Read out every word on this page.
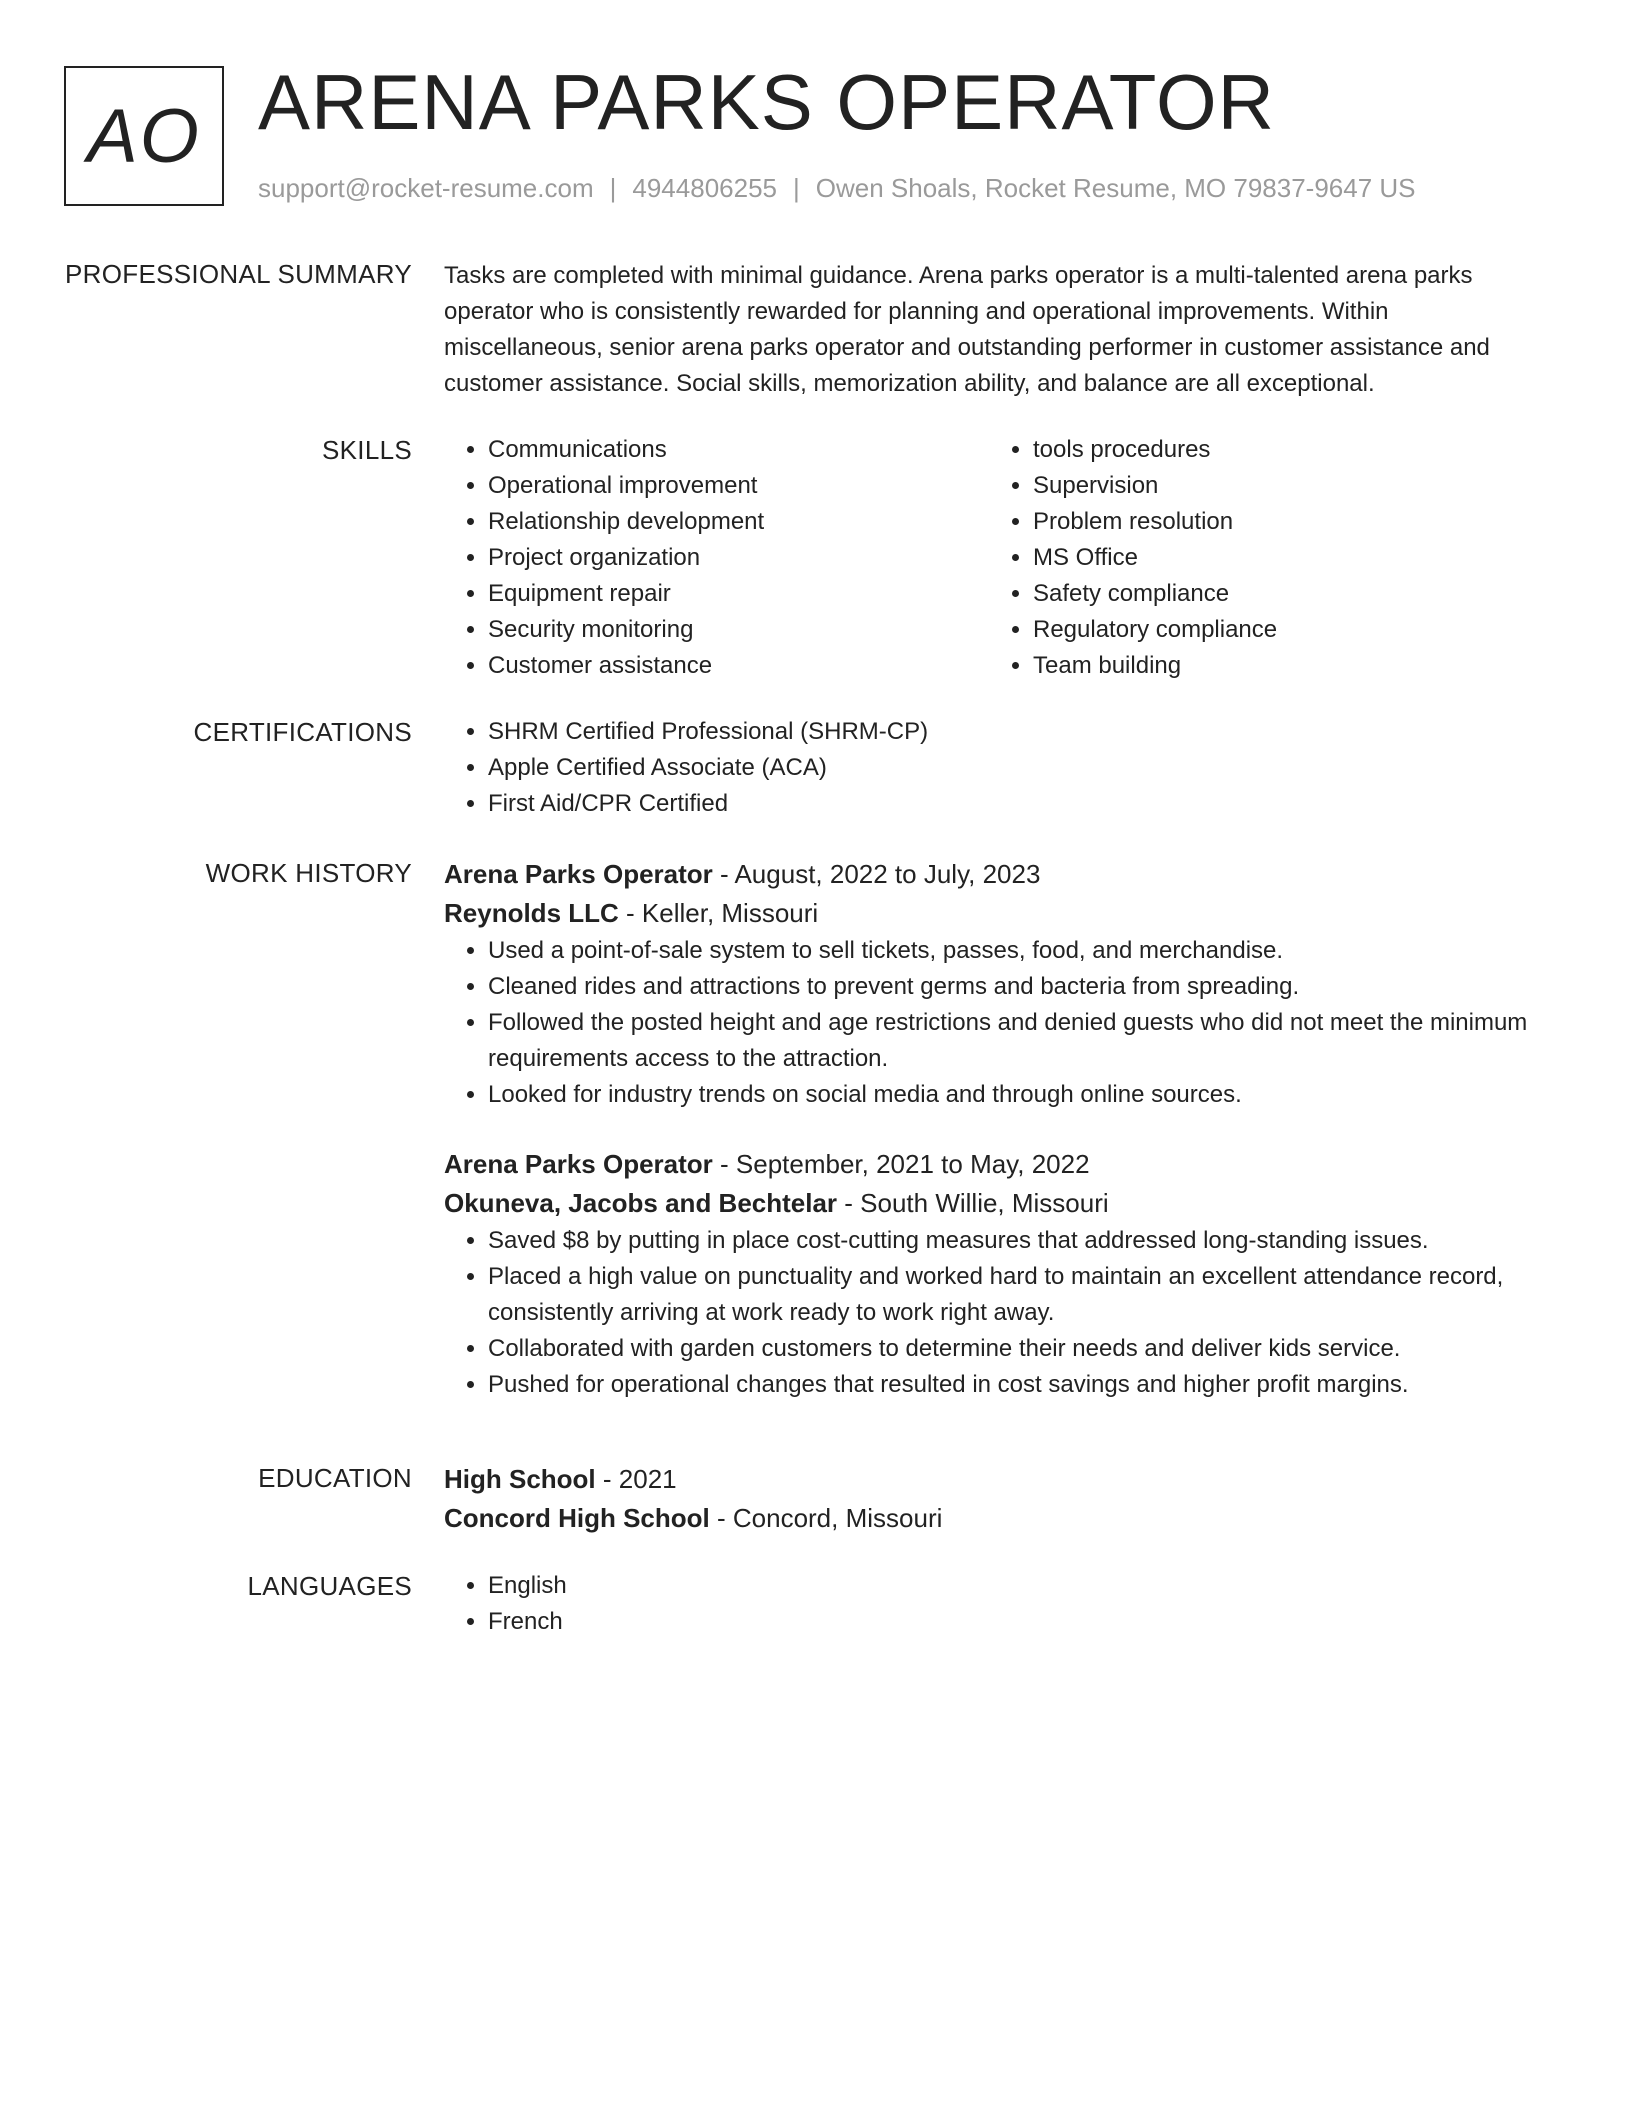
AO ARENA PARKS OPERATOR
support@rocket-resume.com | 4944806255 | Owen Shoals, Rocket Resume, MO 79837-9647 US
PROFESSIONAL SUMMARY Tasks are completed with minimal guidance. Arena parks operator is a multi-talented arena parks operator who is consistently rewarded for planning and operational improvements. Within miscellaneous, senior arena parks operator and outstanding performer in customer assistance and customer assistance. Social skills, memorization ability, and balance are all exceptional.

SKILLS	• Communications
• Operational improvement
• Relationship development
• Project organization
• Equipment repair
• Security monitoring
• Customer assistance
• tools procedures
• Supervision
• Problem resolution
• MS Office
• Safety compliance
• Regulatory compliance
• Team building
CERTIFICATIONS	• SHRM Certified Professional (SHRM-CP)
• Apple Certified Associate (ACA)
• First Aid/CPR Certified
WORK HISTORY Arena Parks Operator - August, 2022 to July, 2023
Reynolds LLC - Keller, Missouri
• Used a point-of-sale system to sell tickets, passes, food, and merchandise.
• Cleaned rides and attractions to prevent germs and bacteria from spreading.
• Followed the posted height and age restrictions and denied guests who did not meet the minimum requirements access to the attraction.
• Looked for industry trends on social media and through online sources.
Arena Parks Operator - September, 2021 to May, 2022
Okuneva, Jacobs and Bechtelar - South Willie, Missouri
• Saved $8 by putting in place cost-cutting measures that addressed long-standing issues.
• Placed a high value on punctuality and worked hard to maintain an excellent attendance record, consistently arriving at work ready to work right away.
• Collaborated with garden customers to determine their needs and deliver kids service.
• Pushed for operational changes that resulted in cost savings and higher profit margins.
EDUCATION High School - 2021
Concord High School - Concord, Missouri
LANGUAGES	• English
• French
